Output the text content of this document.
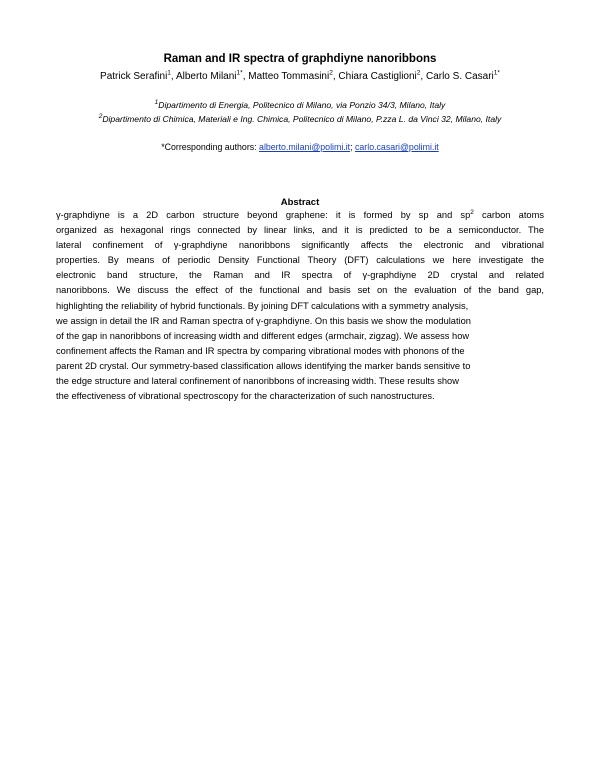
Raman and IR spectra of graphdiyne nanoribbons
Patrick Serafini$^1$, Alberto Milani$^{1*}$, Matteo Tommasini$^2$, Chiara Castiglioni$^2$, Carlo S. Casari$^{1*}$
$^1$Dipartimento di Energia, Politecnico di Milano, via Ponzio 34/3, Milano, Italy
$^2$Dipartimento di Chimica, Materiali e Ing. Chimica, Politecnico di Milano, P.zza L. da Vinci 32, Milano, Italy
*Corresponding authors: alberto.milani@polimi.it; carlo.casari@polimi.it
Abstract
γ-graphdiyne is a 2D carbon structure beyond graphene: it is formed by sp and $sp^2$ carbon atoms
organized as hexagonal rings connected by linear links, and it is predicted to be a semiconductor. The
lateral confinement of γ-graphdiyne nanoribbons significantly affects the electronic and vibrational
properties. By means of periodic Density Functional Theory (DFT) calculations we here investigate the
electronic band structure, the Raman and IR spectra of γ-graphdiyne 2D crystal and related
nanoribbons. We discuss the effect of the functional and basis set on the evaluation of the band gap,
highlighting the reliability of hybrid functionals. By joining DFT calculations with a symmetry analysis,
we assign in detail the IR and Raman spectra of γ-graphdiyne. On this basis we show the modulation
of the gap in nanoribbons of increasing width and different edges (armchair, zigzag). We assess how
confinement affects the Raman and IR spectra by comparing vibrational modes with phonons of the
parent 2D crystal. Our symmetry-based classification allows identifying the marker bands sensitive to
the edge structure and lateral confinement of nanoribbons of increasing width. These results show
the effectiveness of vibrational spectroscopy for the characterization of such nanostructures.
